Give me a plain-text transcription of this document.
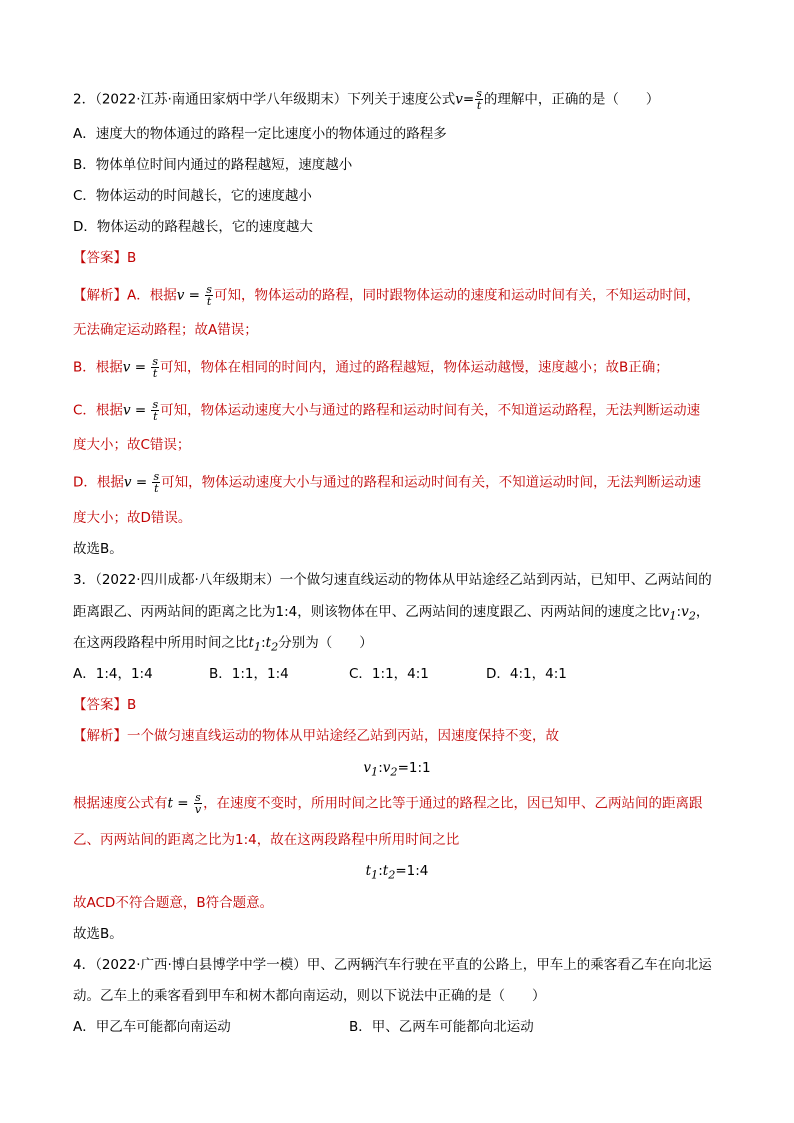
2．（2022·江苏·南通田家炳中学八年级期末）下列关于速度公式$v= \frac{s}{t}$ 的理解中，正确的是（　　）
A．速度大的物体通过的路程一定比速度小的物体通过的路程多
B．物体单位时间内通过的路程越短，速度越小
C．物体运动的时间越长，它的速度越小
D．物体运动的路程越长，它的速度越大
【答案】B
【解析】A．根据$v = \frac{s}{t}$ 可知，物体运动的路程，同时跟物体运动的速度和运动时间有关，不知运动时间，
无法确定运动路程；故A错误；
B．根据$v = \frac{s}{t}$ 可知，物体在相同的时间内，通过的路程越短，物体运动越慢，速度越小；故B正确；
C．根据$v = \frac{s}{t}$ 可知，物体运动速度大小与通过的路程和运动时间有关，不知道运动路程，无法判断运动速
度大小；故C错误；
D．根据$v = \frac{s}{t}$ 可知，物体运动速度大小与通过的路程和运动时间有关，不知道运动时间，无法判断运动速
度大小；故D错误。
故选B。
3．（2022·四川成都·八年级期末）一个做匀速直线运动的物体从甲站途经乙站到丙站，已知甲、乙两站间的
距离跟乙、丙两站间的距离之比为1:4，则该物体在甲、乙两站间的速度跟乙、丙两站间的速度之比$v_1:v_2$，
在这两段路程中所用时间之比$t_1:t_2$分别为（　　）
A．1:4，1:4	B．1:1，1:4	C．1:1，4:1	D．4:1，4:1
【答案】B
【解析】一个做匀速直线运动的物体从甲站途经乙站到丙站，因速度保持不变，故
$v_1:v_2=1:1$
根据速度公式有$t = \frac{s}{v}$ ，在速度不变时，所用时间之比等于通过的路程之比，因已知甲、乙两站间的距离跟
乙、丙两站间的距离之比为1:4，故在这两段路程中所用时间之比
$t_1:t_2=1:4$
故ACD不符合题意，B符合题意。
故选B。
4．（2022·广西·博白县博学中学一模）甲、乙两辆汽车行驶在平直的公路上，甲车上的乘客看乙车在向北运
动。乙车上的乘客看到甲车和树木都向南运动，则以下说法中正确的是（　　）
A．甲乙车可能都向南运动	B．甲、乙两车可能都向北运动
